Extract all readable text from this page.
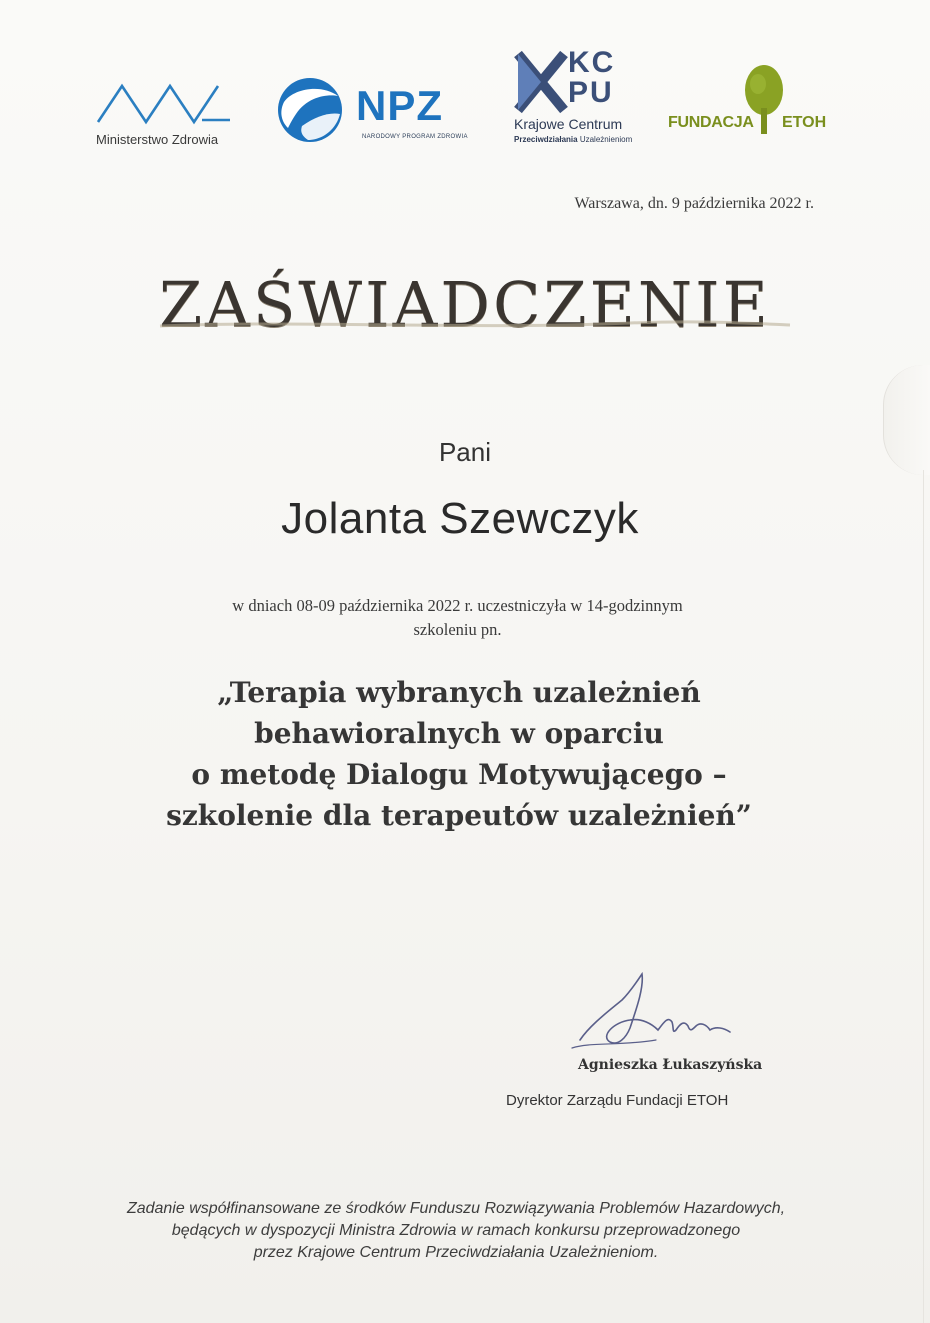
Ministerstwo Zdrowia
NPZ
NARODOWY PROGRAM ZDROWIA
KC
PU
Krajowe Centrum
Przeciwdziałania Uzależnieniom
FUNDACJA ETOH
Warszawa, dn. 9 października 2022 r.
ZAŚWIADCZENIE
Pani
Jolanta Szewczyk
w dniach 08-09 października 2022 r. uczestniczyła w 14-godzinnym
szkoleniu pn.
„Terapia wybranych uzależnień
behawioralnych w oparciu
o metodę Dialogu Motywującego –
szkolenie dla terapeutów uzależnień”
Agnieszka Łukaszyńska
Dyrektor Zarządu Fundacji ETOH
Zadanie współfinansowane ze środków Funduszu Rozwiązywania Problemów Hazardowych,
będących w dyspozycji Ministra Zdrowia w ramach konkursu przeprowadzonego
przez Krajowe Centrum Przeciwdziałania Uzależnieniom.
